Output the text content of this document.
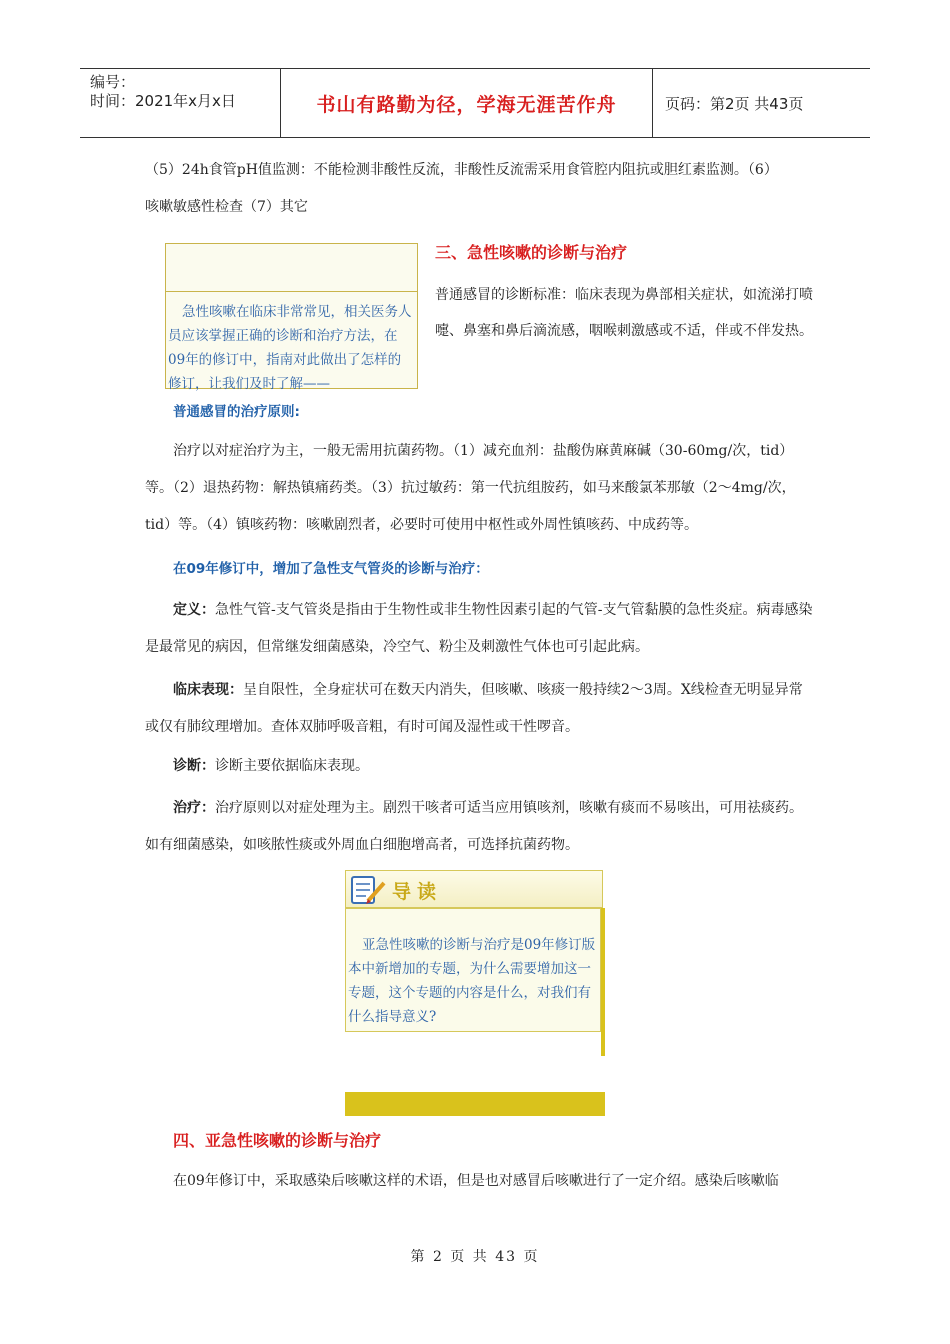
编号：
时间：2021年x月x日	书山有路勤为径，学海无涯苦作舟	页码：第2页 共43页
（5）24h食管pH值监测：不能检测非酸性反流，非酸性反流需采用食管腔内阻抗或胆红素监测。（6）
咳嗽敏感性检查（7）其它
急性咳嗽在临床非常常见，相关医务人员应该掌握正确的诊断和治疗方法，在09年的修订中，指南对此做出了怎样的修订，让我们及时了解——
三、急性咳嗽的诊断与治疗
普通感冒的诊断标准：临床表现为鼻部相关症状，如流涕打喷嚏、鼻塞和鼻后滴流感，咽喉刺激感或不适，伴或不伴发热。
普通感冒的治疗原则:
治疗以对症治疗为主，一般无需用抗菌药物。（1）减充血剂：盐酸伪麻黄麻碱（30-60mg/次，tid）等。（2）退热药物：解热镇痛药类。（3）抗过敏药：第一代抗组胺药，如马来酸氯苯那敏（2～4mg/次，tid）等。（4）镇咳药物：咳嗽剧烈者，必要时可使用中枢性或外周性镇咳药、中成药等。
在09年修订中，增加了急性支气管炎的诊断与治疗：
定义：急性气管-支气管炎是指由于生物性或非生物性因素引起的气管-支气管黏膜的急性炎症。病毒感染是最常见的病因，但常继发细菌感染，冷空气、粉尘及刺激性气体也可引起此病。
临床表现：呈自限性，全身症状可在数天内消失，但咳嗽、咳痰一般持续2～3周。X线检查无明显异常或仅有肺纹理增加。查体双肺呼吸音粗，有时可闻及湿性或干性啰音。
诊断：诊断主要依据临床表现。
治疗：治疗原则以对症处理为主。剧烈干咳者可适当应用镇咳剂，咳嗽有痰而不易咳出，可用祛痰药。如有细菌感染，如咳脓性痰或外周血白细胞增高者，可选择抗菌药物。
导读
亚急性咳嗽的诊断与治疗是09年修订版本中新增加的专题，为什么需要增加这一专题，这个专题的内容是什么，对我们有什么指导意义?
四、亚急性咳嗽的诊断与治疗
在09年修订中，采取感染后咳嗽这样的术语，但是也对感冒后咳嗽进行了一定介绍。感染后咳嗽临
第 2 页 共 43 页
